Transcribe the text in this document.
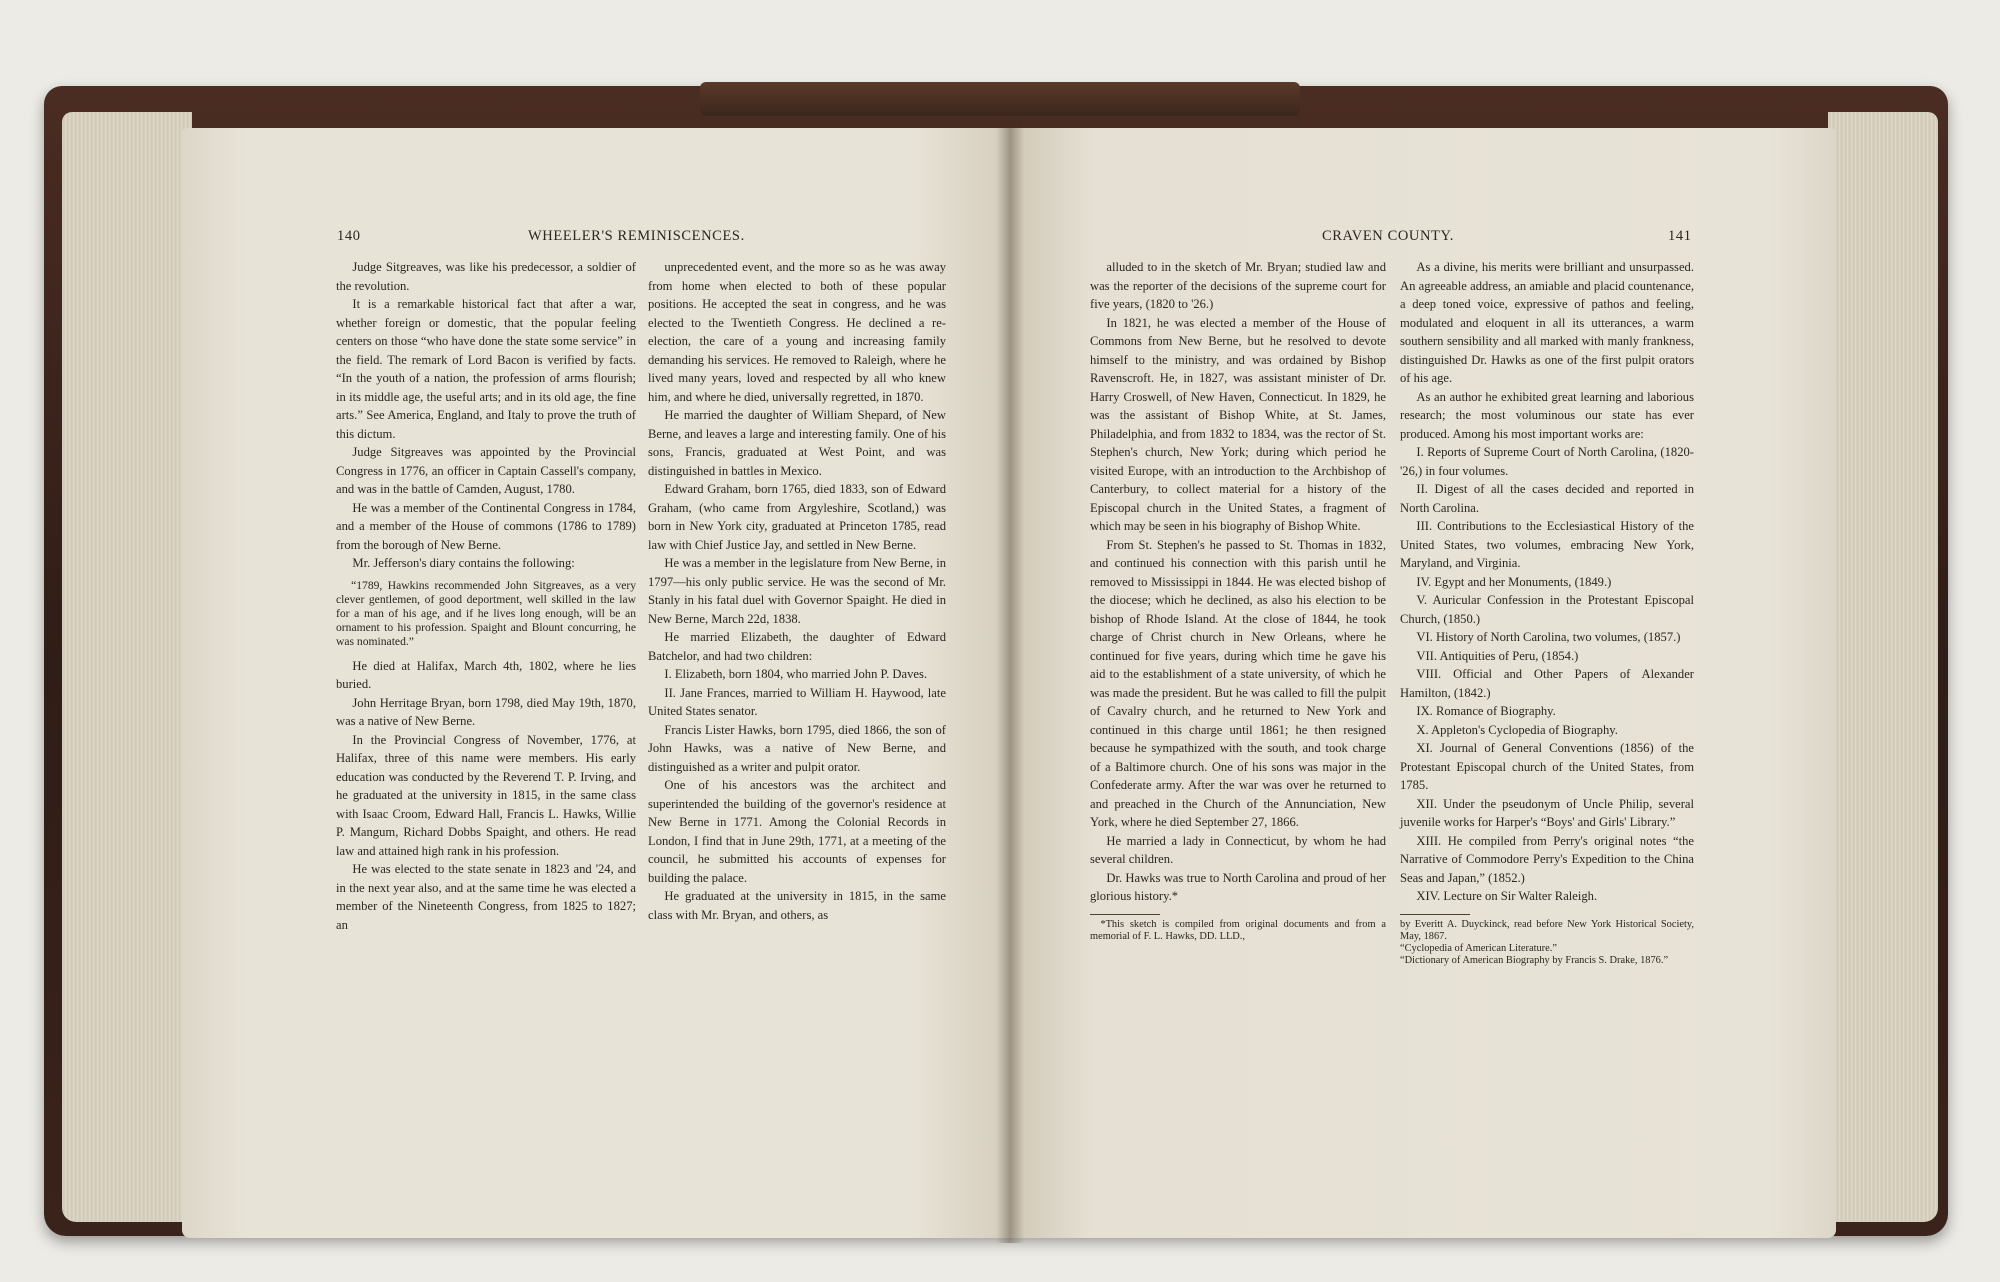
140	WHEELER'S REMINISCENCES.

Judge Sitgreaves, was like his predecessor, a soldier of the revolution.

It is a remarkable historical fact that after a war, whether foreign or domestic, that the popular feeling centers on those “who have done the state some service” in the field. The remark of Lord Bacon is verified by facts. “In the youth of a nation, the profession of arms flourish; in its middle age, the useful arts; and in its old age, the fine arts.” See America, England, and Italy to prove the truth of this dictum.

Judge Sitgreaves was appointed by the Provincial Congress in 1776, an officer in Captain Cassell's company, and was in the battle of Camden, August, 1780.

He was a member of the Continental Congress in 1784, and a member of the House of commons (1786 to 1789) from the borough of New Berne.

Mr. Jefferson's diary contains the following:

“1789, Hawkins recommended John Sitgreaves, as a very clever gentlemen, of good deportment, well skilled in the law for a man of his age, and if he lives long enough, will be an ornament to his profession. Spaight and Blount concurring, he was nominated.”

He died at Halifax, March 4th, 1802, where he lies buried.

John Herritage Bryan, born 1798, died May 19th, 1870, was a native of New Berne.

In the Provincial Congress of November, 1776, at Halifax, three of this name were members. His early education was conducted by the Reverend T. P. Irving, and he graduated at the university in 1815, in the same class with Isaac Croom, Edward Hall, Francis L. Hawks, Willie P. Mangum, Richard Dobbs Spaight, and others. He read law and attained high rank in his profession.

He was elected to the state senate in 1823 and '24, and in the next year also, and at the same time he was elected a member of the Nineteenth Congress, from 1825 to 1827; an

unprecedented event, and the more so as he was away from home when elected to both of these popular positions. He accepted the seat in congress, and he was elected to the Twentieth Congress. He declined a re-election, the care of a young and increasing family demanding his services. He removed to Raleigh, where he lived many years, loved and respected by all who knew him, and where he died, universally regretted, in 1870.

He married the daughter of William Shepard, of New Berne, and leaves a large and interesting family. One of his sons, Francis, graduated at West Point, and was distinguished in battles in Mexico.

Edward Graham, born 1765, died 1833, son of Edward Graham, (who came from Argyleshire, Scotland,) was born in New York city, graduated at Princeton 1785, read law with Chief Justice Jay, and settled in New Berne.

He was a member in the legislature from New Berne, in 1797—his only public service. He was the second of Mr. Stanly in his fatal duel with Governor Spaight. He died in New Berne, March 22d, 1838.

He married Elizabeth, the daughter of Edward Batchelor, and had two children:

I. Elizabeth, born 1804, who married John P. Daves.

II. Jane Frances, married to William H. Haywood, late United States senator.

Francis Lister Hawks, born 1795, died 1866, the son of John Hawks, was a native of New Berne, and distinguished as a writer and pulpit orator.

One of his ancestors was the architect and superintended the building of the governor's residence at New Berne in 1771. Among the Colonial Records in London, I find that in June 29th, 1771, at a meeting of the council, he submitted his accounts of expenses for building the palace.

He graduated at the university in 1815, in the same class with Mr. Bryan, and others, as

CRAVEN COUNTY.	141

alluded to in the sketch of Mr. Bryan; studied law and was the reporter of the decisions of the supreme court for five years, (1820 to '26.)

In 1821, he was elected a member of the House of Commons from New Berne, but he resolved to devote himself to the ministry, and was ordained by Bishop Ravenscroft. He, in 1827, was assistant minister of Dr. Harry Croswell, of New Haven, Connecticut. In 1829, he was the assistant of Bishop White, at St. James, Philadelphia, and from 1832 to 1834, was the rector of St. Stephen's church, New York; during which period he visited Europe, with an introduction to the Archbishop of Canterbury, to collect material for a history of the Episcopal church in the United States, a fragment of which may be seen in his biography of Bishop White.

From St. Stephen's he passed to St. Thomas in 1832, and continued his connection with this parish until he removed to Mississippi in 1844. He was elected bishop of the diocese; which he declined, as also his election to be bishop of Rhode Island. At the close of 1844, he took charge of Christ church in New Orleans, where he continued for five years, during which time he gave his aid to the establishment of a state university, of which he was made the president. But he was called to fill the pulpit of Cavalry church, and he returned to New York and continued in this charge until 1861; he then resigned because he sympathized with the south, and took charge of a Baltimore church. One of his sons was major in the Confederate army. After the war was over he returned to and preached in the Church of the Annunciation, New York, where he died September 27, 1866.

He married a lady in Connecticut, by whom he had several children.

Dr. Hawks was true to North Carolina and proud of her glorious history.*

*This sketch is compiled from original documents and from a memorial of F. L. Hawks, DD. LLD.,

As a divine, his merits were brilliant and unsurpassed. An agreeable address, an amiable and placid countenance, a deep toned voice, expressive of pathos and feeling, modulated and eloquent in all its utterances, a warm southern sensibility and all marked with manly frankness, distinguished Dr. Hawks as one of the first pulpit orators of his age.

As an author he exhibited great learning and laborious research; the most voluminous our state has ever produced. Among his most important works are:

I. Reports of Supreme Court of North Carolina, (1820-'26,) in four volumes.
II. Digest of all the cases decided and reported in North Carolina.
III. Contributions to the Ecclesiastical History of the United States, two volumes, embracing New York, Maryland, and Virginia.
IV. Egypt and her Monuments, (1849.)
V. Auricular Confession in the Protestant Episcopal Church, (1850.)
VI. History of North Carolina, two volumes, (1857.)
VII. Antiquities of Peru, (1854.)
VIII. Official and Other Papers of Alexander Hamilton, (1842.)
IX. Romance of Biography.
X. Appleton's Cyclopedia of Biography.
XI. Journal of General Conventions (1856) of the Protestant Episcopal church of the United States, from 1785.
XII. Under the pseudonym of Uncle Philip, several juvenile works for Harper's “Boys' and Girls' Library.”
XIII. He compiled from Perry's original notes “the Narrative of Commodore Perry's Expedition to the China Seas and Japan,” (1852.)
XIV. Lecture on Sir Walter Raleigh.

by Everitt A. Duyckinck, read before New York Historical Society, May, 1867.

“Cyclopedia of American Literature.”

“Dictionary of American Biography by Francis S. Drake, 1876.”
